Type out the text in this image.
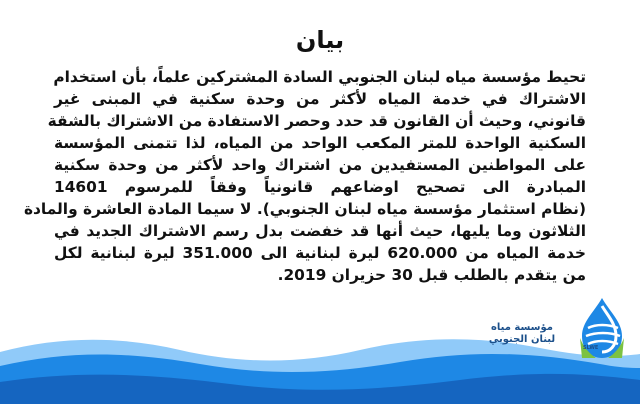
بيان
تحيط مؤسسة مياه لبنان الجنوبي السادة المشتركين علماً، بأن استخدام
الاشتراك في خدمة المياه لأكثر من وحدة سكنية في المبنى غير
قانوني، وحيث أن القانون قد حدد وحصر الاستفادة من الاشتراك بالشقة
السكنية الواحدة للمتر المكعب الواحد من المياه، لذا تتمنى المؤسسة
على المواطنين المستفيدين من اشتراك واحد لأكثر من وحدة سكنية
المبادرة الى تصحيح اوضاعهم قانونياً وفقاً للمرسوم 14601
(نظام استثمار مؤسسة مياه لبنان الجنوبي). لا سيما المادة العاشرة والمادة
الثلاثون وما يليها، حيث أنها قد خفضت بدل رسم الاشتراك الجديد في
خدمة المياه من 620.000 ليرة لبنانية الى 351.000 ليرة لبنانية لكل
من يتقدم بالطلب قبل 30 حزيران 2019.
مؤسسة مياه
لبنان الجنوبي
SLWE
